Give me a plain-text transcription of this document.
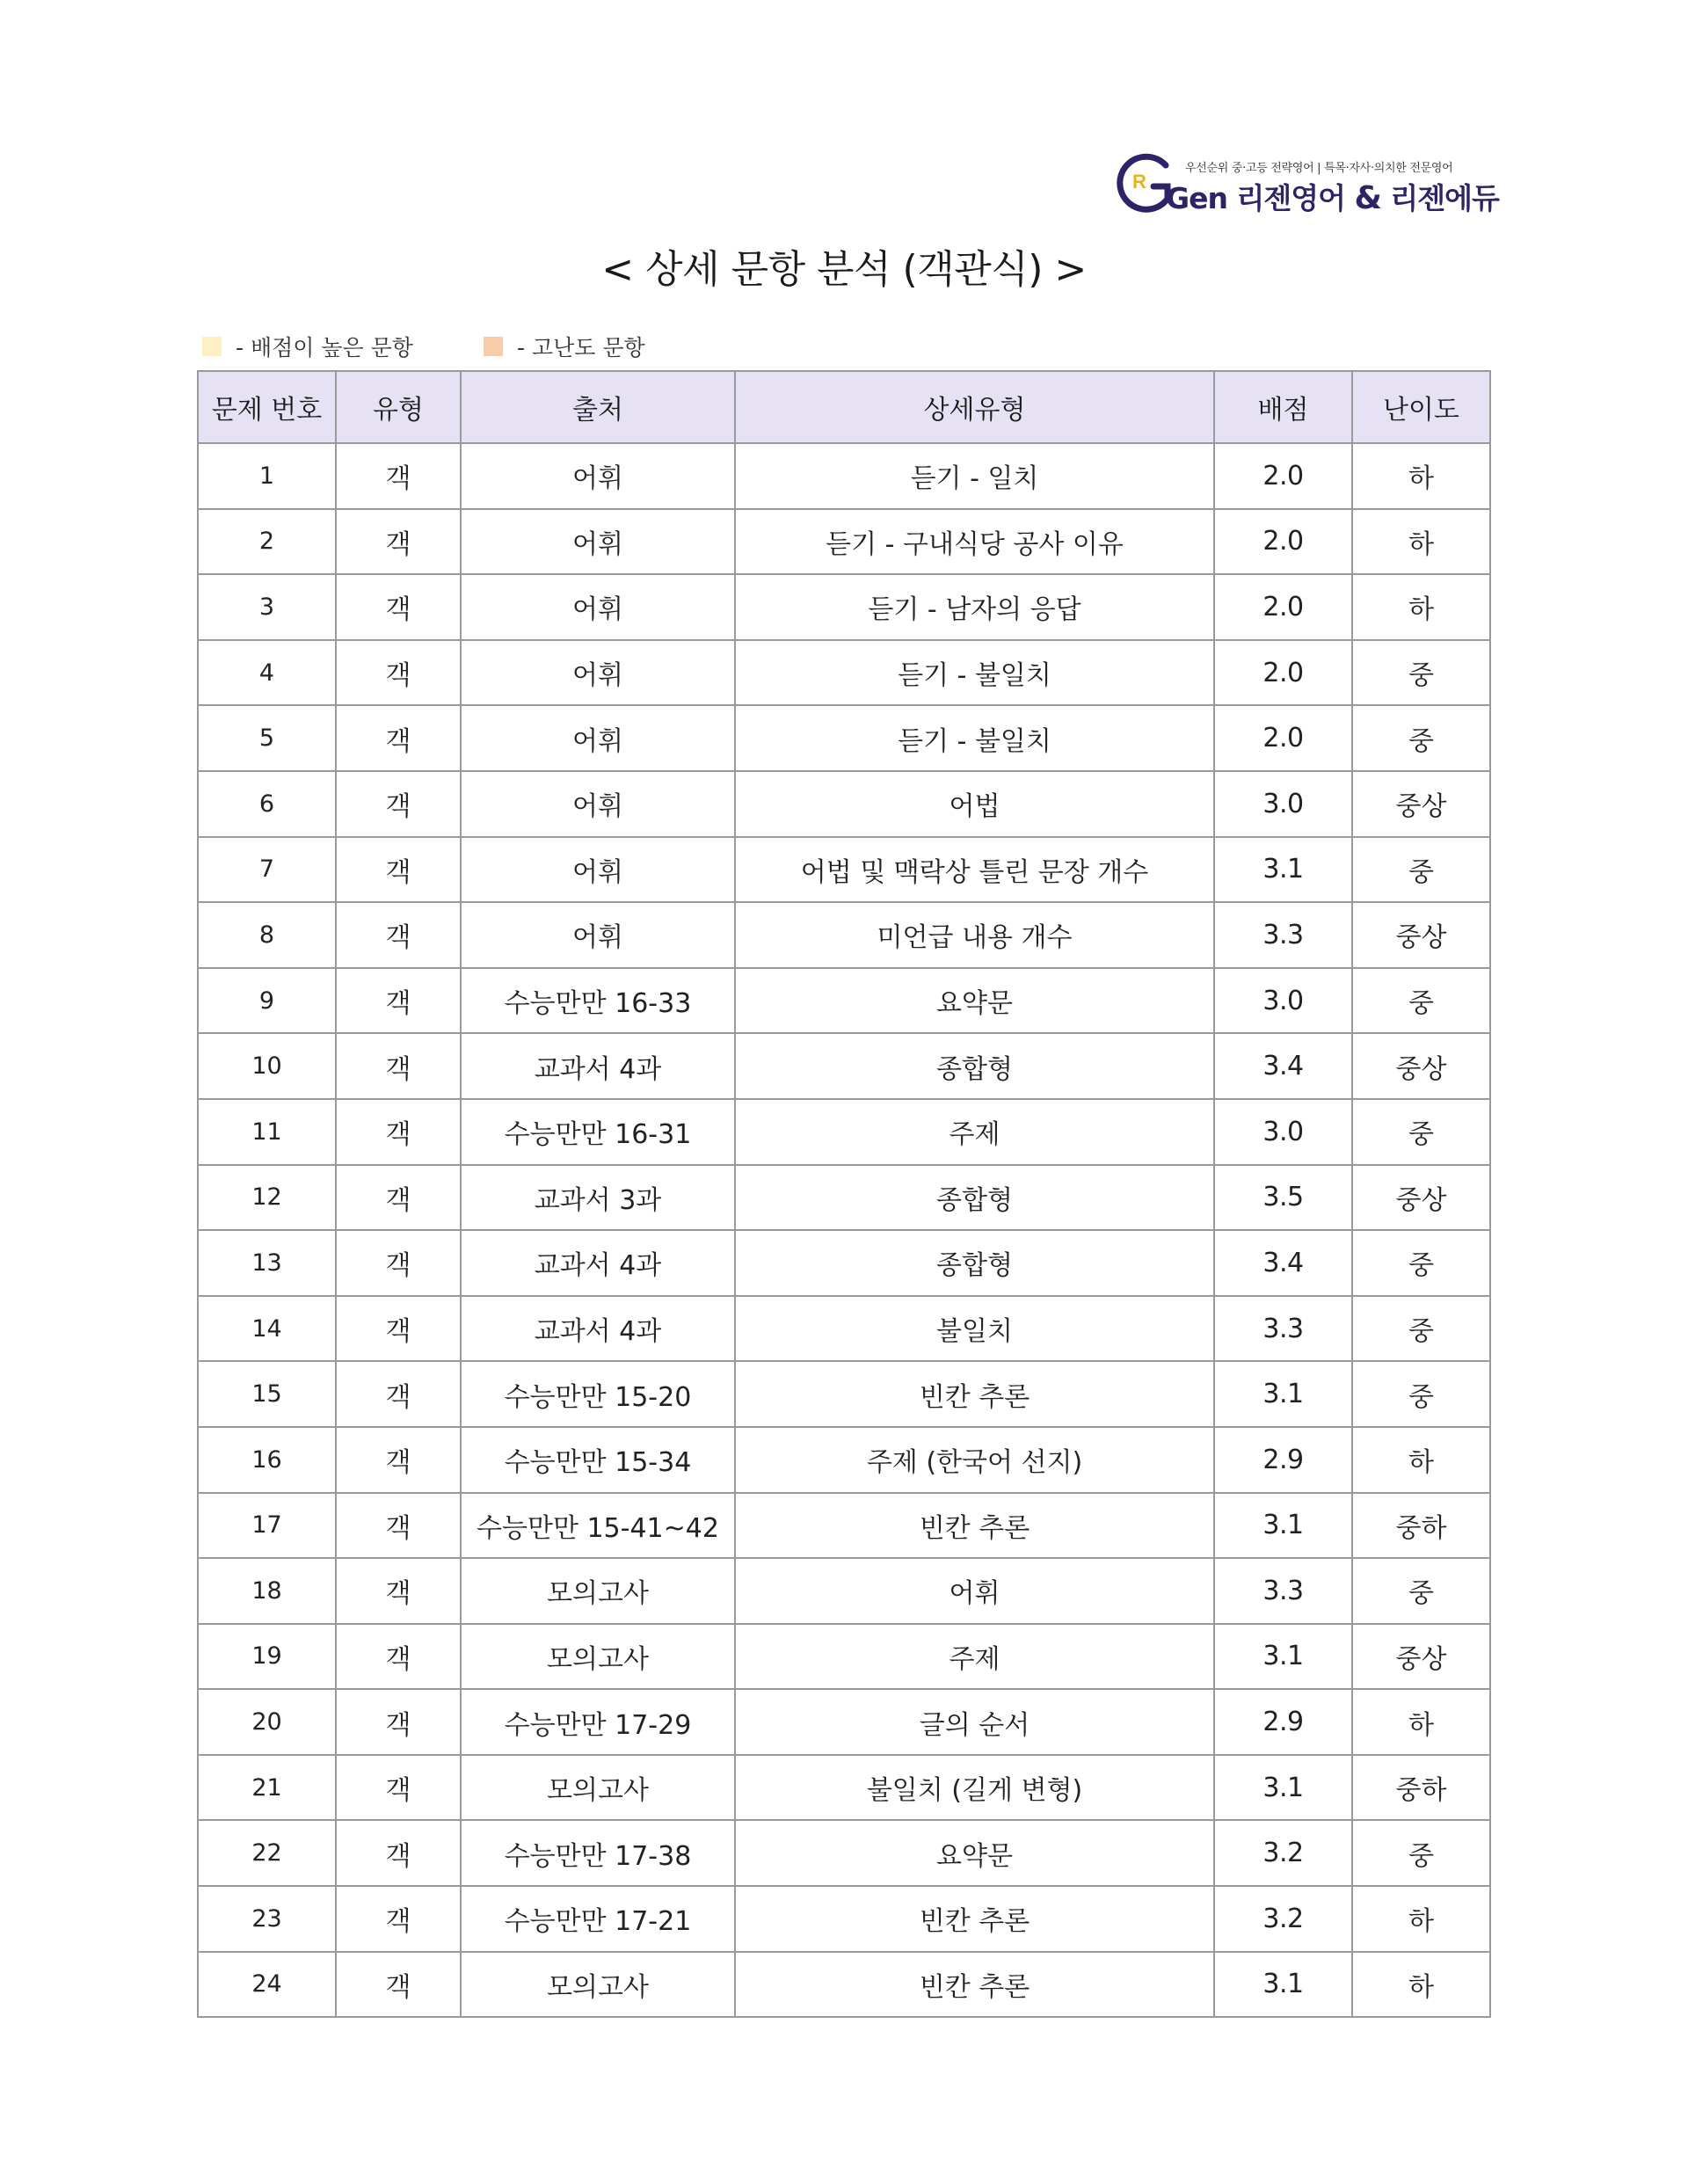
R
우선순위 중·고등 전략영어 | 특목·자사·의치한 전문영어
Gen 리젠영어 & 리젠에듀
< 상세 문항 분석 (객관식) >
- 배점이 높은 문항	- 고난도 문항
문제 번호	유형	출처	상세유형	배점	난이도
1	객	어휘	듣기 - 일치	2.0	하
2	객	어휘	듣기 - 구내식당 공사 이유	2.0	하
3	객	어휘	듣기 - 남자의 응답	2.0	하
4	객	어휘	듣기 - 불일치	2.0	중
5	객	어휘	듣기 - 불일치	2.0	중
6	객	어휘	어법	3.0	중상
7	객	어휘	어법 및 맥락상 틀린 문장 개수	3.1	중
8	객	어휘	미언급 내용 개수	3.3	중상
9	객	수능만만 16-33	요약문	3.0	중
10	객	교과서 4과	종합형	3.4	중상
11	객	수능만만 16-31	주제	3.0	중
12	객	교과서 3과	종합형	3.5	중상
13	객	교과서 4과	종합형	3.4	중
14	객	교과서 4과	불일치	3.3	중
15	객	수능만만 15-20	빈칸 추론	3.1	중
16	객	수능만만 15-34	주제 (한국어 선지)	2.9	하
17	객	수능만만 15-41~42	빈칸 추론	3.1	중하
18	객	모의고사	어휘	3.3	중
19	객	모의고사	주제	3.1	중상
20	객	수능만만 17-29	글의 순서	2.9	하
21	객	모의고사	불일치 (길게 변형)	3.1	중하
22	객	수능만만 17-38	요약문	3.2	중
23	객	수능만만 17-21	빈칸 추론	3.2	하
24	객	모의고사	빈칸 추론	3.1	하
